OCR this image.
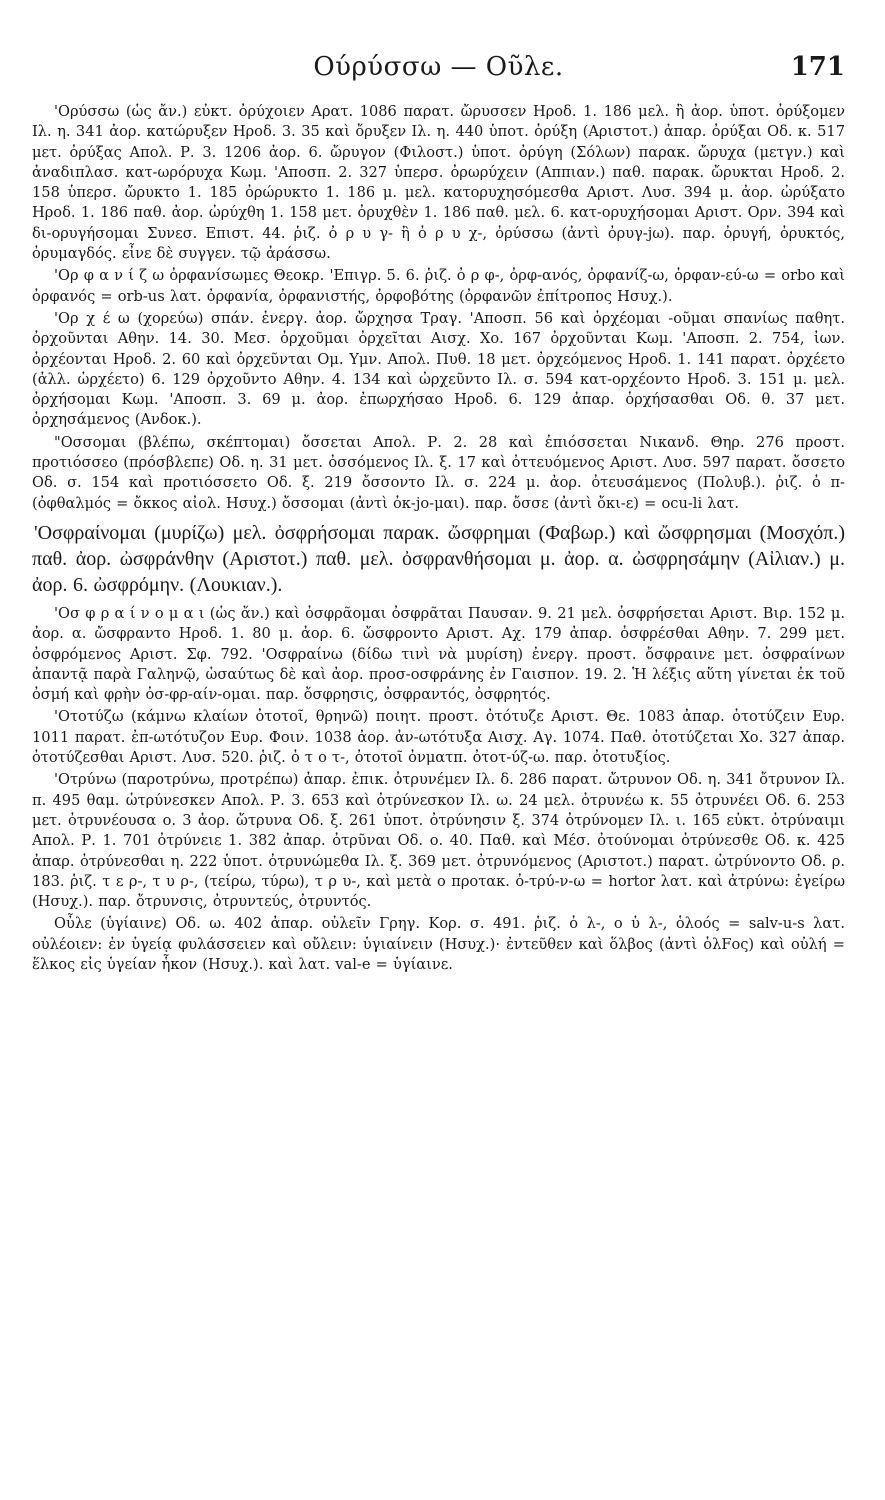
Ούρύσσω — Οῦλε.	171

'Ορύσσω (ὡς ἄν.) εὐκτ. ὀρύχοιεν Αρατ. 1086 παρατ. ὤρυσσεν Ηροδ. 1. 186 μελ. ἢ ἀορ. ὑποτ. ὀρύξομεν Ιλ. η. 341 ἀορ. κατώρυξεν Ηροδ. 3. 35 καὶ ὄρυξεν Ιλ. η. 440 ὑποτ. ὀρύξη (Αριστοτ.) ἀπαρ. ὀρύξαι Οδ. κ. 517 μετ. ὀρύξας Απολ. Ρ. 3. 1206 ἀορ. 6. ὤρυγον (Φιλοστ.) ὑποτ. ὀρύγη (Σόλων) παρακ. ὤρυχα (μετγν.) καὶ ἀναδιπλασ. κατ-ωρόρυχα Κωμ. 'Αποσπ. 2. 327 ὑπερσ. ὀρωρύχειν (Αππιαν.) παθ. παρακ. ὤρυκται Ηροδ. 2. 158 ὑπερσ. ὤρυκτο 1. 185 ὀρώρυκτο 1. 186 μ. μελ. κατορυχησόμεσθα Αριστ. Λυσ. 394 μ. ἀορ. ὠρύξατο Ηροδ. 1. 186 παθ. ἀορ. ὠρύχθη 1. 158 μετ. ὀρυχθὲν 1. 186 παθ. μελ. 6. κατ-ορυχήσομαι Αριστ. Ορν. 394 καὶ δι-ορυγήσομαι Συνεσ. Επιστ. 44. ῥιζ. ὀ ρ υ γ- ἢ ὀ ρ υ χ-, ὀρύσσω (ἀντὶ ὀρυγ-jω). παρ. ὀρυγή, ὀρυκτός, ὀρυμαγδός. εἶνε δὲ συγγεν. τῷ ἀράσσω.

'Ορ φ α ν ί ζ ω ὀρφανίσωμες Θεοκρ. 'Επιγρ. 5. 6. ῥιζ. ὀ ρ φ-, ὀρφ-ανός, ὀρφανίζ-ω, ὀρφαν-εύ-ω = orbo καὶ ὀρφανός = orb-us λατ. ὀρφανία, ὀρφανιστής, ὀρφοβότης (ὀρφανῶν ἐπίτροπος Ησυχ.).

'Ορ χ έ ω (χορεύω) σπάν. ἐνεργ. ἀορ. ὤρχησα Τραγ. 'Αποσπ. 56 καὶ ὀρχέομαι -οῦμαι σπανίως παθητ. ὀρχοῦνται Αθην. 14. 30. Μεσ. ὀρχοῦμαι ὀρχεῖται Αισχ. Χο. 167 ὀρχοῦνται Κωμ. 'Αποσπ. 2. 754, ἰων. ὀρχέονται Ηροδ. 2. 60 καὶ ὀρχεῦνται Ομ. Υμν. Απολ. Πυθ. 18 μετ. ὀρχεόμενος Ηροδ. 1. 141 παρατ. ὀρχέετο (ἀλλ. ὠρχέετο) 6. 129 ὀρχοῦντο Αθην. 4. 134 καὶ ὠρχεῦντο Ιλ. σ. 594 κατ-ορχέοντο Ηροδ. 3. 151 μ. μελ. ὀρχήσομαι Κωμ. 'Αποσπ. 3. 69 μ. ἀορ. ἐπωρχήσαο Ηροδ. 6. 129 ἀπαρ. ὀρχήσασθαι Οδ. θ. 37 μετ. ὀρχησάμενος (Ανδοκ.).

"Οσσομαι (βλέπω, σκέπτομαι) ὄσσεται Απολ. Ρ. 2. 28 καὶ ἐπιόσσεται Νικανδ. Θηρ. 276 προστ. προτιόσσεο (πρόσβλεπε) Οδ. η. 31 μετ. ὀσσόμενος Ιλ. ξ. 17 καὶ ὀττευόμενος Αριστ. Λυσ. 597 παρατ. ὄσσετο Οδ. σ. 154 καὶ προτιόσσετο Οδ. ξ. 219 ὄσσοντο Ιλ. σ. 224 μ. ἀορ. ὀτευσάμενος (Πολυβ.). ῥιζ. ὀ π- (ὀφθαλμός = ὄκκος αἰολ. Ησυχ.) ὄσσομαι (ἀντὶ ὀκ-jο-μαι). παρ. ὄσσε (ἀντὶ ὄκι-ε) = ocu-li λατ.

'Οσφραίνομαι (μυρίζω) μελ. ὀσφρήσομαι παρακ. ὤσφρημαι (Φαβωρ.) καὶ ὤσφρησμαι (Μοσχόπ.) παθ. ἀορ. ὠσφράνθην (Αριστοτ.) παθ. μελ. ὀσφρανθήσομαι μ. ἀορ. α. ὠσφρησάμην (Αἰλιαν.) μ. ἀορ. 6. ὠσφρόμην. (Λουκιαν.).

'Οσ φ ρ α ί ν ο μ α ι (ὡς ἄν.) καὶ ὀσφρᾶομαι ὀσφρᾶται Παυσαν. 9. 21 μελ. ὀσφρήσεται Αριστ. Βιρ. 152 μ. ἀορ. α. ὤσφραντο Ηροδ. 1. 80 μ. ἀορ. 6. ὤσφροντο Αριστ. Αχ. 179 ἀπαρ. ὀσφρέσθαι Αθην. 7. 299 μετ. ὀσφρόμενος Αριστ. Σφ. 792. 'Οσφραίνω (δίδω τινὶ νὰ μυρίση) ἐνεργ. προστ. ὄσφραινε μετ. ὀσφραίνων ἀπαντᾷ παρὰ Γαληνῷ, ὡσαύτως δὲ καὶ ἀορ. προσ-οσφράνης ἐν Γαισπον. 19. 2. Ἡ λέξις αὕτη γίνεται ἐκ τοῦ ὀσμή καὶ φρὴν ὀσ-φρ-αίν-ομαι. παρ. ὄσφρησις, ὀσφραντός, ὀσφρητός.

'Οτοτύζω (κάμνω κλαίων ὀτοτοῖ, θρηνῶ) ποιητ. προστ. ὀτότυζε Αριστ. Θε. 1083 ἀπαρ. ὀτοτύζειν Ευρ. 1011 παρατ. ἐπ-ωτότυζον Ευρ. Φοιν. 1038 ἀορ. ἀν-ωτότυξα Αισχ. Αγ. 1074. Παθ. ὀτοτύζεται Χο. 327 ἀπαρ. ὀτοτύζεσθαι Αριστ. Λυσ. 520. ῥιζ. ὀ τ ο τ-, ὀτοτοῖ ὀνματπ. ὀτοτ-ύζ-ω. παρ. ὀτοτυξίος.

'Οτρύνω (παροτρύνω, προτρέπω) ἀπαρ. ἐπικ. ὀτρυνέμεν Ιλ. δ. 286 παρατ. ὤτρυνον Οδ. η. 341 ὄτρυνον Ιλ. π. 495 θαμ. ὠτρύνεσκεν Απολ. Ρ. 3. 653 καὶ ὀτρύνεσκον Ιλ. ω. 24 μελ. ὀτρυνέω κ. 55 ὀτρυνέει Οδ. 6. 253 μετ. ὀτρυνέουσα ο. 3 ἀορ. ὤτρυνα Οδ. ξ. 261 ὑποτ. ὀτρύνησιν ξ. 374 ὀτρύνομεν Ιλ. ι. 165 εὐκτ. ὀτρύναιμι Απολ. Ρ. 1. 701 ὀτρύνειε 1. 382 ἀπαρ. ὀτρῦναι Οδ. ο. 40. Παθ. καὶ Μέσ. ὀτούνομαι ὀτρύνεσθε Οδ. κ. 425 ἀπαρ. ὀτρύνεσθαι η. 222 ὑποτ. ὀτρυνώμεθα Ιλ. ξ. 369 μετ. ὀτρυνόμενος (Αριστοτ.) παρατ. ὠτρύνοντο Οδ. ρ. 183. ῥιζ. τ ε ρ-, τ υ ρ-, (τείρω, τύρω), τ ρ υ-, καὶ μετὰ ο προτακ. ὀ-τρύ-ν-ω = hortor λατ. καὶ ἀτρύνω: ἐγείρω (Ησυχ.). παρ. ὄτρυνσις, ὀτρυντεύς, ὀτρυντός.

Οὖλε (ὑγίαινε) Οδ. ω. 402 ἀπαρ. οὐλεῖν Γρηγ. Κορ. σ. 491. ῥιζ. ὀ λ-, ο ὐ λ-, ὁλοός = salv-u-s λατ. οὐλέοιεν: ἐν ὑγείᾳ φυλάσσειεν καὶ οὔλειν: ὑγιαίνειν (Ησυχ.)· ἐντεῦθεν καὶ ὅλβος (ἀντὶ ὁλFος) καὶ οὐλή = ἕλκος εἰς ὑγείαν ἧκον (Ησυχ.). καὶ λατ. val-e = ὑγίαινε.
